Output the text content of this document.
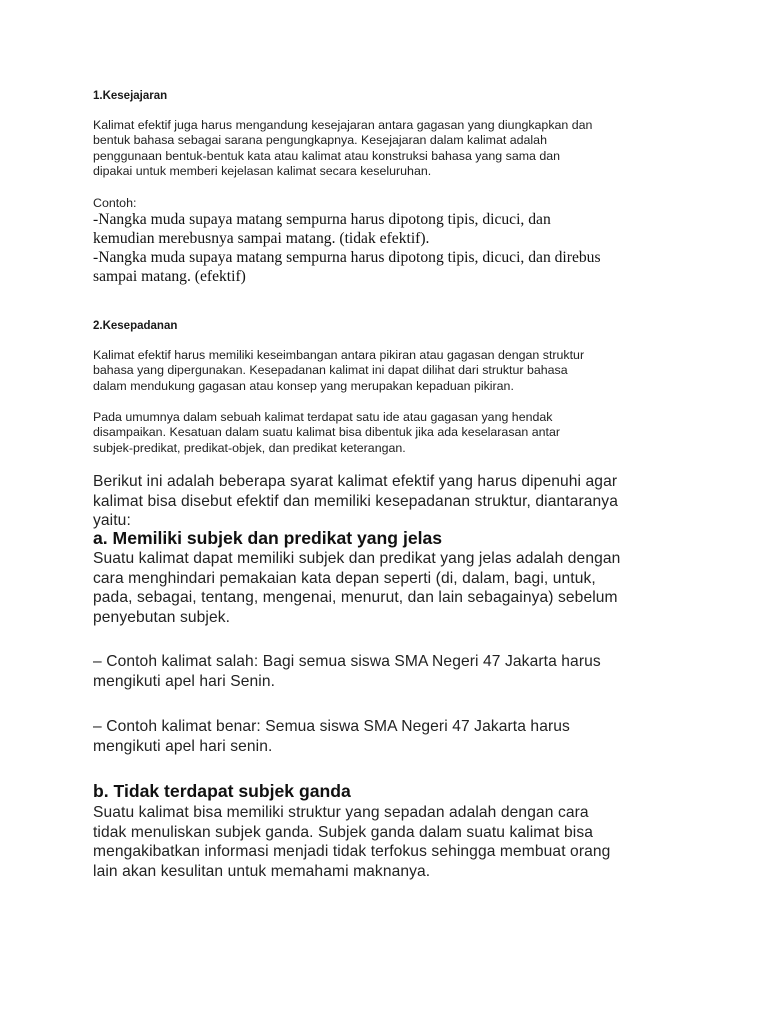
1.Kesejajaran
Kalimat efektif juga harus mengandung kesejajaran antara gagasan yang diungkapkan dan
bentuk bahasa sebagai sarana pengungkapnya. Kesejajaran dalam kalimat adalah
penggunaan bentuk-bentuk kata atau kalimat atau konstruksi bahasa yang sama dan
dipakai untuk memberi kejelasan kalimat secara keseluruhan.
Contoh:
-Nangka muda supaya matang sempurna harus dipotong tipis, dicuci, dan
kemudian merebusnya sampai matang. (tidak efektif).
-Nangka muda supaya matang sempurna harus dipotong tipis, dicuci, dan direbus
sampai matang. (efektif)
2.Kesepadanan
Kalimat efektif harus memiliki keseimbangan antara pikiran atau gagasan dengan struktur
bahasa yang dipergunakan. Kesepadanan kalimat ini dapat dilihat dari struktur bahasa
dalam mendukung gagasan atau konsep yang merupakan kepaduan pikiran.
Pada umumnya dalam sebuah kalimat terdapat satu ide atau gagasan yang hendak
disampaikan. Kesatuan dalam suatu kalimat bisa dibentuk jika ada keselarasan antar
subjek-predikat, predikat-objek, dan predikat keterangan.
Berikut ini adalah beberapa syarat kalimat efektif yang harus dipenuhi agar
kalimat bisa disebut efektif dan memiliki kesepadanan struktur, diantaranya
yaitu:
a. Memiliki subjek dan predikat yang jelas
Suatu kalimat dapat memiliki subjek dan predikat yang jelas adalah dengan
cara menghindari pemakaian kata depan seperti (di, dalam, bagi, untuk,
pada, sebagai, tentang, mengenai, menurut, dan lain sebagainya) sebelum
penyebutan subjek.
– Contoh kalimat salah: Bagi semua siswa SMA Negeri 47 Jakarta harus
mengikuti apel hari Senin.
– Contoh kalimat benar: Semua siswa SMA Negeri 47 Jakarta harus
mengikuti apel hari senin.
b. Tidak terdapat subjek ganda
Suatu kalimat bisa memiliki struktur yang sepadan adalah dengan cara
tidak menuliskan subjek ganda. Subjek ganda dalam suatu kalimat bisa
mengakibatkan informasi menjadi tidak terfokus sehingga membuat orang
lain akan kesulitan untuk memahami maknanya.
